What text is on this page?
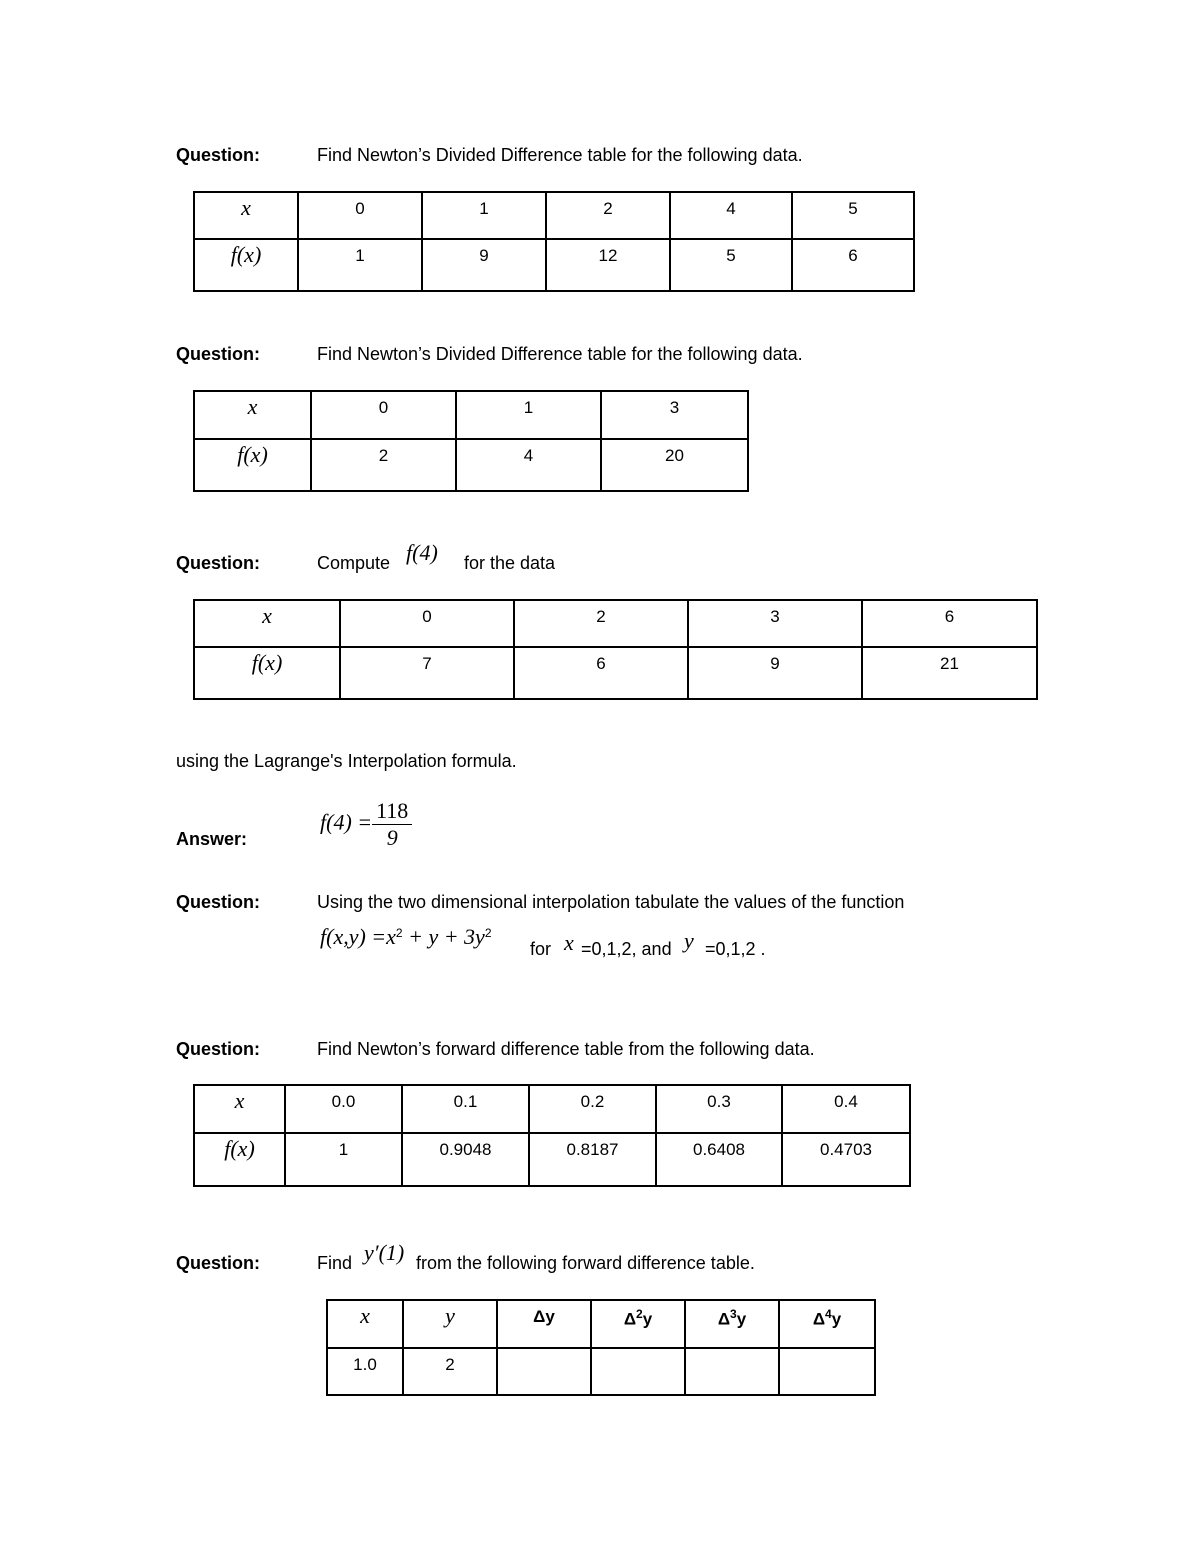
Question:	Find Newton’s Divided Difference table for the following data.
x	0	1	2	4	5
f(x)	1	9	12	5	6
Question:	Find Newton’s Divided Difference table for the following data.
x	0	1	3
f(x)	2	4	20
Question:	Compute f(4) for the data
x	0	2	3	6
f(x)	7	6	9	21
using the Lagrange's Interpolation formula.
Answer:
$f(4) = \frac{118}{9}$
Question:	Using the two dimensional interpolation tabulate the values of the function
$f(x,y) =x^2 + y + 3y^2$
for x =0,1,2, and y =0,1,2 .
Question:	Find Newton’s forward difference table from the following data.
x	0.0	0.1	0.2	0.3	0.4
f(x)	1	0.9048	0.8187	0.6408	0.4703
Question:	Find y′(1) from the following forward difference table.
x	y	Δy	$\Delta^2y$	$\Delta^3y$	$\Delta^4y$
1.0	2				
